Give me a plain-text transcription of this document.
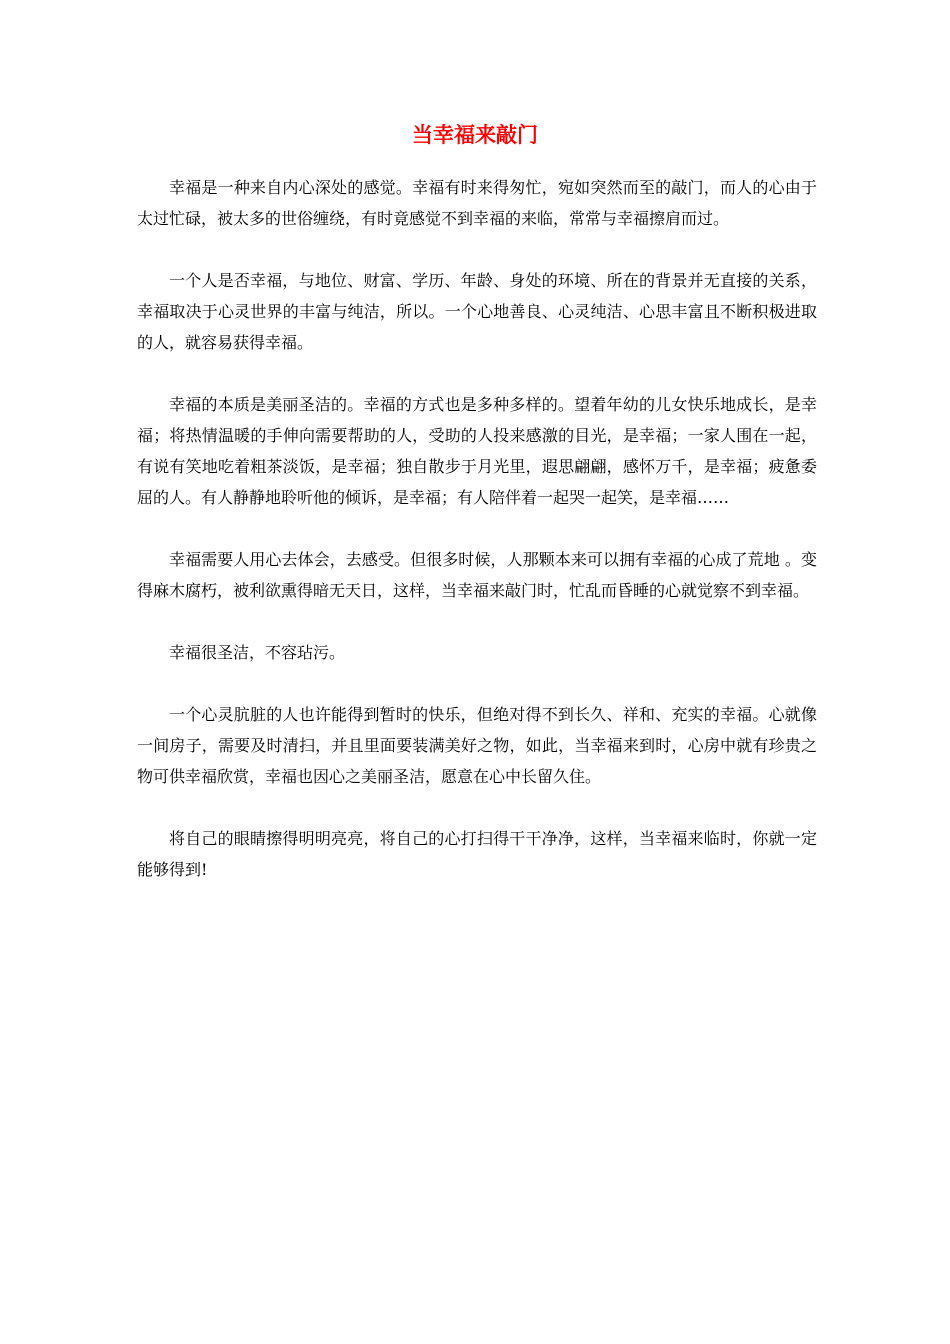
当幸福来敲门

幸福是一种来自内心深处的感觉。幸福有时来得匆忙，宛如突然而至的敲门，而人的心由于太过忙碌，被太多的世俗缠绕，有时竟感觉不到幸福的来临，常常与幸福擦肩而过。

一个人是否幸福，与地位、财富、学历、年龄、身处的环境、所在的背景并无直接的关系，幸福取决于心灵世界的丰富与纯洁，所以。一个心地善良、心灵纯洁、心思丰富且不断积极进取的人，就容易获得幸福。

幸福的本质是美丽圣洁的。幸福的方式也是多种多样的。望着年幼的儿女快乐地成长，是幸福；将热情温暖的手伸向需要帮助的人，受助的人投来感激的目光，是幸福；一家人围在一起，有说有笑地吃着粗茶淡饭，是幸福；独自散步于月光里，遐思翩翩，感怀万千，是幸福；疲惫委屈的人。有人静静地聆听他的倾诉，是幸福；有人陪伴着一起哭一起笑，是幸福……

幸福需要人用心去体会，去感受。但很多时候，人那颗本来可以拥有幸福的心成了荒地 。变得麻木腐朽，被利欲熏得暗无天日，这样，当幸福来敲门时，忙乱而昏睡的心就觉察不到幸福。

幸福很圣洁，不容玷污。

一个心灵肮脏的人也许能得到暂时的快乐，但绝对得不到长久、祥和、充实的幸福。心就像一间房子，需要及时清扫，并且里面要装满美好之物，如此，当幸福来到时，心房中就有珍贵之物可供幸福欣赏，幸福也因心之美丽圣洁，愿意在心中长留久住。

将自己的眼睛擦得明明亮亮，将自己的心打扫得干干净净，这样，当幸福来临时，你就一定能够得到!
